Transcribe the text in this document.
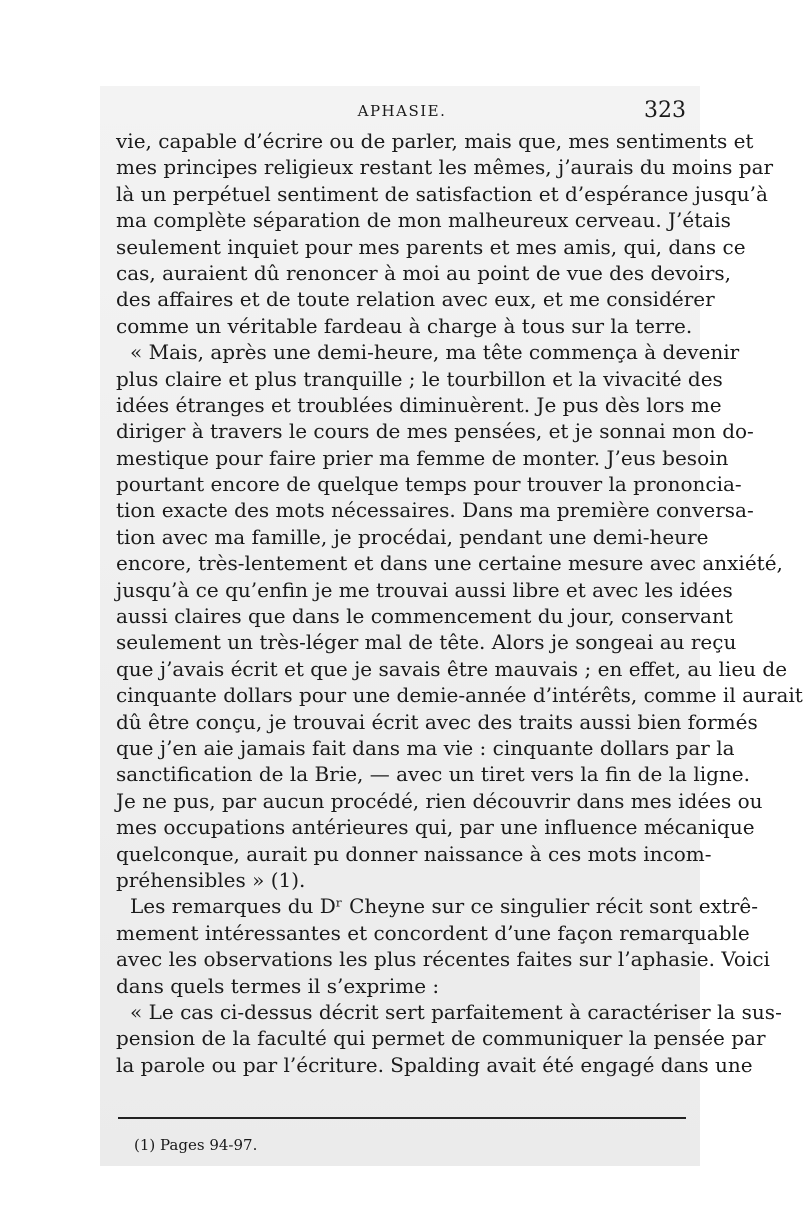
APHASIE.	323
vie, capable d’écrire ou de parler, mais que, mes sentiments et
mes principes religieux restant les mêmes, j’aurais du moins par
là un perpétuel sentiment de satisfaction et d’espérance jusqu’à
ma complète séparation de mon malheureux cerveau. J’étais
seulement inquiet pour mes parents et mes amis, qui, dans ce
cas, auraient dû renoncer à moi au point de vue des devoirs,
des affaires et de toute relation avec eux, et me considérer
comme un véritable fardeau à charge à tous sur la terre.
« Mais, après une demi-heure, ma tête commença à devenir
plus claire et plus tranquille ; le tourbillon et la vivacité des
idées étranges et troublées diminuèrent. Je pus dès lors me
diriger à travers le cours de mes pensées, et je sonnai mon do-
mestique pour faire prier ma femme de monter. J’eus besoin
pourtant encore de quelque temps pour trouver la prononcia-
tion exacte des mots nécessaires. Dans ma première conversa-
tion avec ma famille, je procédai, pendant une demi-heure
encore, très-lentement et dans une certaine mesure avec anxiété,
jusqu’à ce qu’enfin je me trouvai aussi libre et avec les idées
aussi claires que dans le commencement du jour, conservant
seulement un très-léger mal de tête. Alors je songeai au reçu
que j’avais écrit et que je savais être mauvais ; en effet, au lieu de
cinquante dollars pour une demie-année d’intérêts, comme il aurait
dû être conçu, je trouvai écrit avec des traits aussi bien formés
que j’en aie jamais fait dans ma vie : cinquante dollars par la
sanctification de la Brie, — avec un tiret vers la fin de la ligne.
Je ne pus, par aucun procédé, rien découvrir dans mes idées ou
mes occupations antérieures qui, par une influence mécanique
quelconque, aurait pu donner naissance à ces mots incom-
préhensibles » (1).
Les remarques du Dʳ Cheyne sur ce singulier récit sont extrê-
mement intéressantes et concordent d’une façon remarquable
avec les observations les plus récentes faites sur l’aphasie. Voici
dans quels termes il s’exprime :
« Le cas ci-dessus décrit sert parfaitement à caractériser la sus-
pension de la faculté qui permet de communiquer la pensée par
la parole ou par l’écriture. Spalding avait été engagé dans une
(1) Pages 94-97.
